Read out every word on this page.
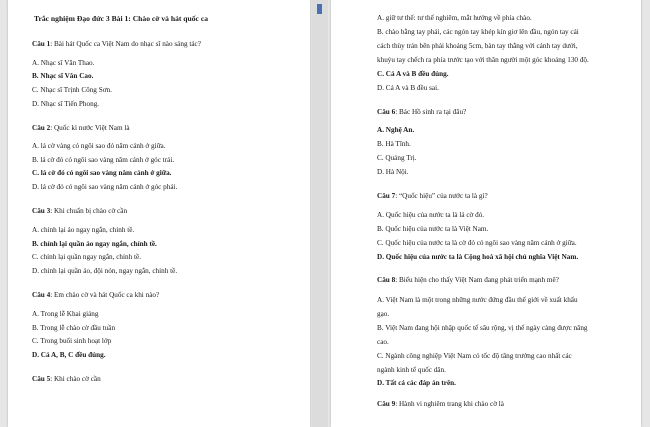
Trắc nghiệm Đạo đức 3 Bài 1: Chào cờ và hát quốc ca
Câu 1: Bài hát Quốc ca Việt Nam do nhạc sĩ nào sáng tác?
A. Nhạc sĩ Văn Thao.
B. Nhạc sĩ Văn Cao.
C. Nhạc sĩ Trịnh Công Sơn.
D. Nhạc sĩ Tiến Phong.
Câu 2: Quốc kì nước Việt Nam là
A. lá cờ vàng có ngôi sao đỏ năm cánh ở giữa.
B. lá cờ đỏ có ngôi sao vàng năm cánh ở góc trái.
C. lá cờ đỏ có ngôi sao vàng năm cánh ở giữa.
D. lá cờ đỏ có ngôi sao vàng năm cánh ở góc phải.
Câu 3: Khi chuẩn bị chào cờ cần
A. chỉnh lại áo ngay ngắn, chỉnh tề.
B. chỉnh lại quần áo ngay ngắn, chỉnh tề.
C. chỉnh lại quần ngay ngắn, chỉnh tề.
D. chỉnh lại quần áo, đội nón, ngay ngắn, chỉnh tề.
Câu 4: Em chào cờ và hát Quốc ca khi nào?
A. Trong lễ Khai giảng
B. Trong lễ chào cờ đầu tuần
C. Trong buổi sinh hoạt lớp
D. Cả A, B, C đều đúng.
Câu 5: Khi chào cờ cần
A. giữ tư thế: tư thế nghiêm, mắt hướng về phía chào.
B. chào bằng tay phải, các ngón tay khép kín giơ lên đầu, ngón tay cái
cách thùy trán bên phải khoảng 5cm, bàn tay thẳng với cánh tay dưới,
khuỷu tay chếch ra phía trước tạo với thân người một góc khoảng 130 độ.
C. Cả A và B đều đúng.
D. Cả A và B đều sai.
Câu 6: Bác Hồ sinh ra tại đâu?
A. Nghệ An.
B. Hà Tĩnh.
C. Quảng Trị.
D. Hà Nội.
Câu 7: “Quốc hiệu” của nước ta là gì?
A. Quốc hiệu của nước ta là lá cờ đỏ.
B. Quốc hiệu của nước ta là Việt Nam.
C. Quốc hiệu của nước ta là cờ đỏ có ngôi sao vàng năm cánh ở giữa.
D. Quốc hiệu của nước ta là Cộng hoà xã hội chủ nghĩa Việt Nam.
Câu 8: Biểu hiện cho thấy Việt Nam đang phát triển mạnh mẽ?
A. Việt Nam là một trong những nước đứng đầu thế giới về xuất khẩu
gạo.
B. Việt Nam đang hội nhập quốc tế sâu rộng, vị thế ngày càng được nâng
cao.
C. Ngành công nghiệp Việt Nam có tốc độ tăng trưởng cao nhất các
ngành kinh tế quốc dân.
D. Tất cả các đáp án trên.
Câu 9: Hành vi nghiêm trang khi chào cờ là
